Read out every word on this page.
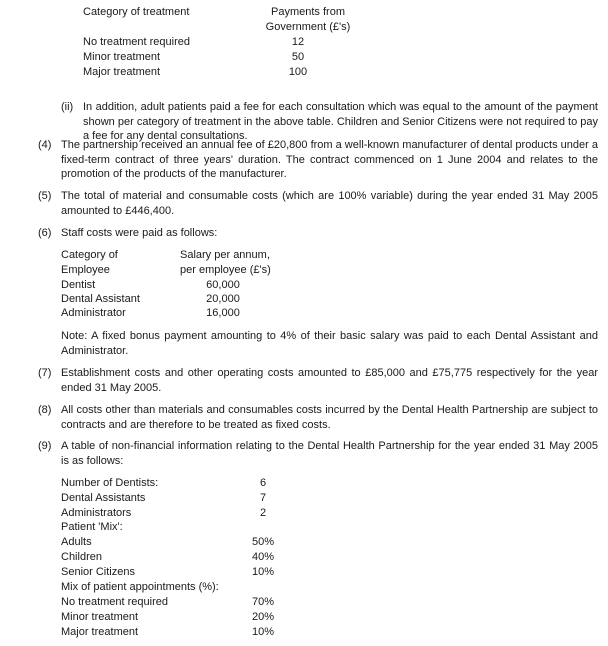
Category of treatment	Payments from
Government (£'s)
No treatment required	12
Minor treatment	50
Major treatment	100
(ii) In addition, adult patients paid a fee for each consultation which was equal to the amount of the payment shown per category of treatment in the above table. Children and Senior Citizens were not required to pay a fee for any dental consultations.
(4) The partnership received an annual fee of £20,800 from a well-known manufacturer of dental products under a fixed-term contract of three years' duration. The contract commenced on 1 June 2004 and relates to the promotion of the products of the manufacturer.
(5) The total of material and consumable costs (which are 100% variable) during the year ended 31 May 2005 amounted to £446,400.
(6) Staff costs were paid as follows:
Category of
Employee
Salary per annum,
per employee (£'s)
Dentist	60,000
Dental Assistant	20,000
Administrator	16,000
Note: A fixed bonus payment amounting to 4% of their basic salary was paid to each Dental Assistant and Administrator.
(7) Establishment costs and other operating costs amounted to £85,000 and £75,775 respectively for the year ended 31 May 2005.
(8) All costs other than materials and consumables costs incurred by the Dental Health Partnership are subject to contracts and are therefore to be treated as fixed costs.
(9) A table of non-financial information relating to the Dental Health Partnership for the year ended 31 May 2005 is as follows:
Number of Dentists:	6
Dental Assistants	7
Administrators	2
Patient 'Mix':
Adults	50%
Children	40%
Senior Citizens	10%
Mix of patient appointments (%):
No treatment required	70%
Minor treatment	20%
Major treatment	10%
